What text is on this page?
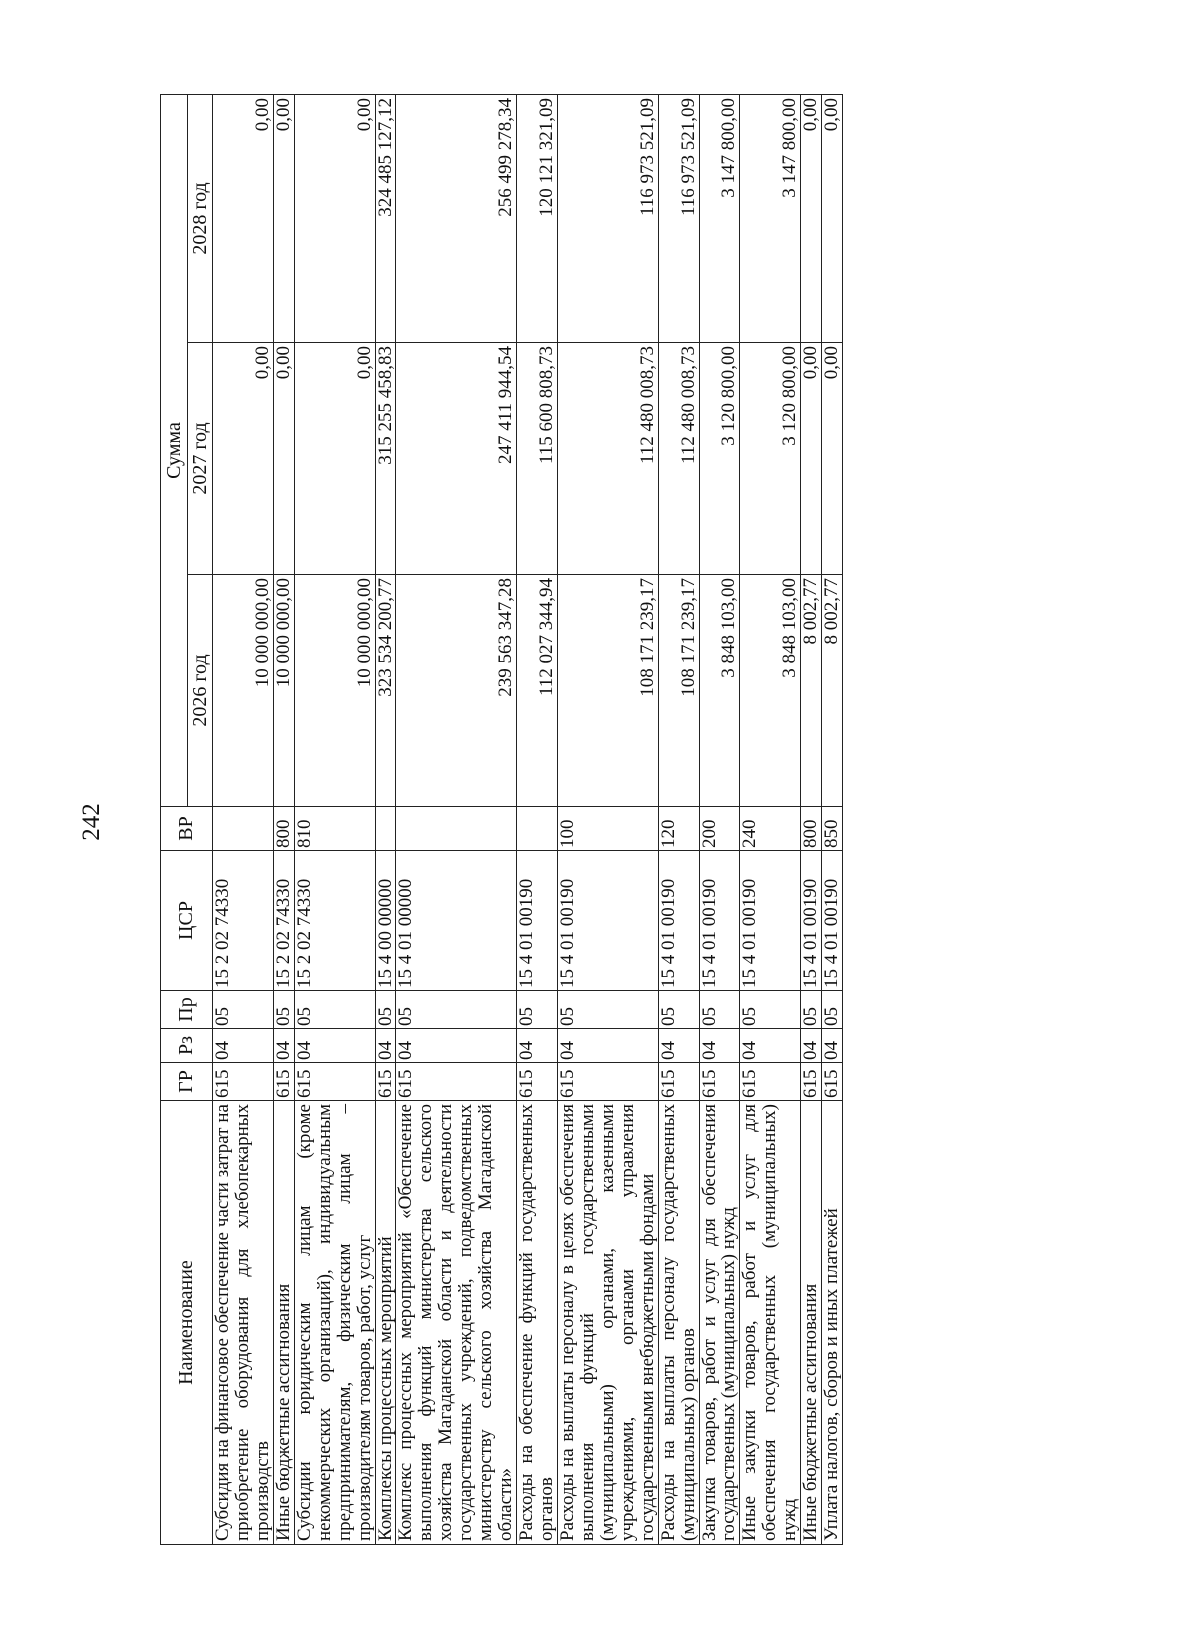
242
Наименование	ГР	Рз	Пр	ЦСР	ВР	Сумма		
						2026 год	2027 год	2028 год
Субсидия на финансовое обеспечение части затрат на приобретение оборудования для хлебопекарных производств	615	04	05	15 2 02 74330		10 000 000,00	0,00	0,00
Иные бюджетные ассигнования	615	04	05	15 2 02 74330	800	10 000 000,00	0,00	0,00
Субсидии юридическим лицам (кроме некоммерческих организаций), индивидуальным предпринимателям, физическим лицам – производителям товаров, работ, услуг	615	04	05	15 2 02 74330	810	10 000 000,00	0,00	0,00
Комплексы процессных мероприятий	615	04	05	15 4 00 00000		323 534 200,77	315 255 458,83	324 485 127,12
Комплекс процессных мероприятий «Обеспечение выполнения функций министерства сельского хозяйства Магаданской области и деятельности государственных учреждений, подведомственных министерству сельского хозяйства Магаданской области»	615	04	05	15 4 01 00000		239 563 347,28	247 411 944,54	256 499 278,34
Расходы на обеспечение функций государственных органов	615	04	05	15 4 01 00190		112 027 344,94	115 600 808,73	120 121 321,09
Расходы на выплаты персоналу в целях обеспечения выполнения функций государственными (муниципальными) органами, казенными учреждениями, органами управления государственными внебюджетными фондами	615	04	05	15 4 01 00190	100	108 171 239,17	112 480 008,73	116 973 521,09
Расходы на выплаты персоналу государственных (муниципальных) органов	615	04	05	15 4 01 00190	120	108 171 239,17	112 480 008,73	116 973 521,09
Закупка товаров, работ и услуг для обеспечения государственных (муниципальных) нужд	615	04	05	15 4 01 00190	200	3 848 103,00	3 120 800,00	3 147 800,00
Иные закупки товаров, работ и услуг для обеспечения государственных (муниципальных) нужд	615	04	05	15 4 01 00190	240	3 848 103,00	3 120 800,00	3 147 800,00
Иные бюджетные ассигнования	615	04	05	15 4 01 00190	800	8 002,77	0,00	0,00
Уплата налогов, сборов и иных платежей	615	04	05	15 4 01 00190	850	8 002,77	0,00	0,00
